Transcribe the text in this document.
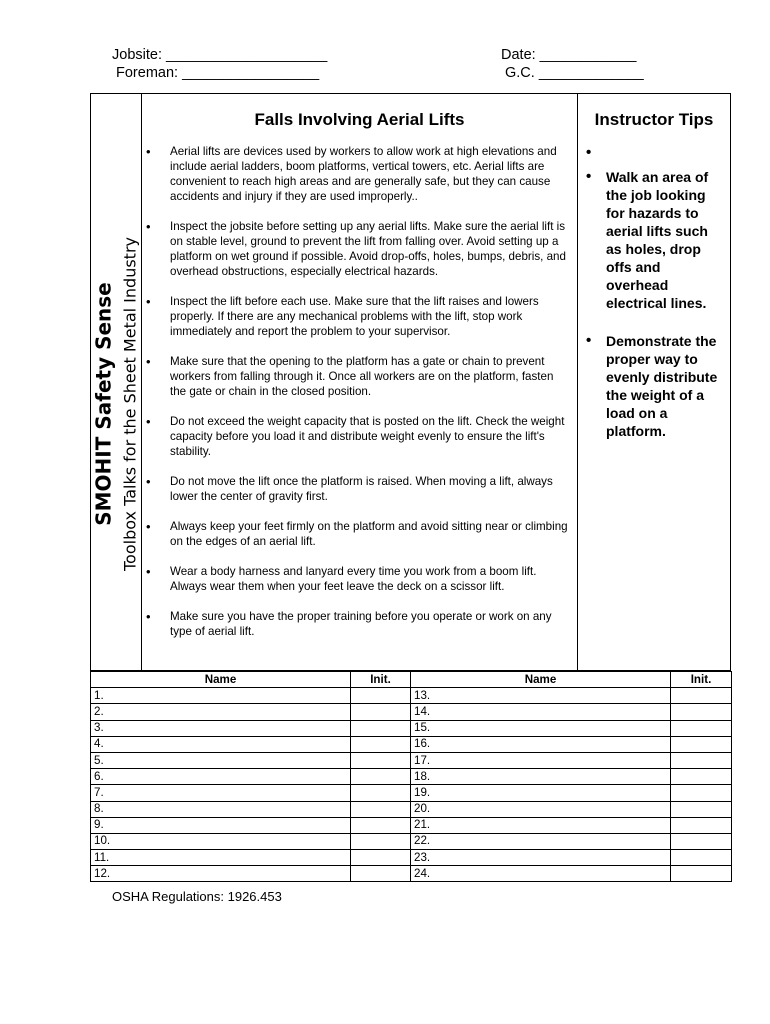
Jobsite: ____________________	Date: ____________
Foreman: _________________	G.C. _____________
SMOHIT Safety Sense Toolbox Talks for the Sheet Metal Industry
Falls Involving Aerial Lifts
• Aerial lifts are devices used by workers to allow work at high elevations and include aerial ladders, boom platforms, vertical towers, etc. Aerial lifts are convenient to reach high areas and are generally safe, but they can cause accidents and injury if they are used improperly..
• Inspect the jobsite before setting up any aerial lifts. Make sure the aerial lift is on stable level, ground to prevent the lift from falling over. Avoid setting up a platform on wet ground if possible. Avoid drop-offs, holes, bumps, debris, and overhead obstructions, especially electrical hazards.
• Inspect the lift before each use. Make sure that the lift raises and lowers properly. If there are any mechanical problems with the lift, stop work immediately and report the problem to your supervisor.
• Make sure that the opening to the platform has a gate or chain to prevent workers from falling through it. Once all workers are on the platform, fasten the gate or chain in the closed position.
• Do not exceed the weight capacity that is posted on the lift. Check the weight capacity before you load it and distribute weight evenly to ensure the lift's stability.
• Do not move the lift once the platform is raised. When moving a lift, always lower the center of gravity first.
• Always keep your feet firmly on the platform and avoid sitting near or climbing on the edges of an aerial lift.
• Wear a body harness and lanyard every time you work from a boom lift. Always wear them when your feet leave the deck on a scissor lift.
• Make sure you have the proper training before you operate or work on any type of aerial lift.
Instructor Tips
•
• Walk an area of the job looking for hazards to aerial lifts such as holes, drop offs and overhead electrical lines.
• Demonstrate the proper way to evenly distribute the weight of a load on a platform.
Name	Init.	Name	Init.
1.		13.	
2.		14.	
3.		15.	
4.		16.	
5.		17.	
6.		18.	
7.		19.	
8.		20.	
9.		21.	
10.		22.	
11.		23.	
12.		24.	
OSHA Regulations: 1926.453
